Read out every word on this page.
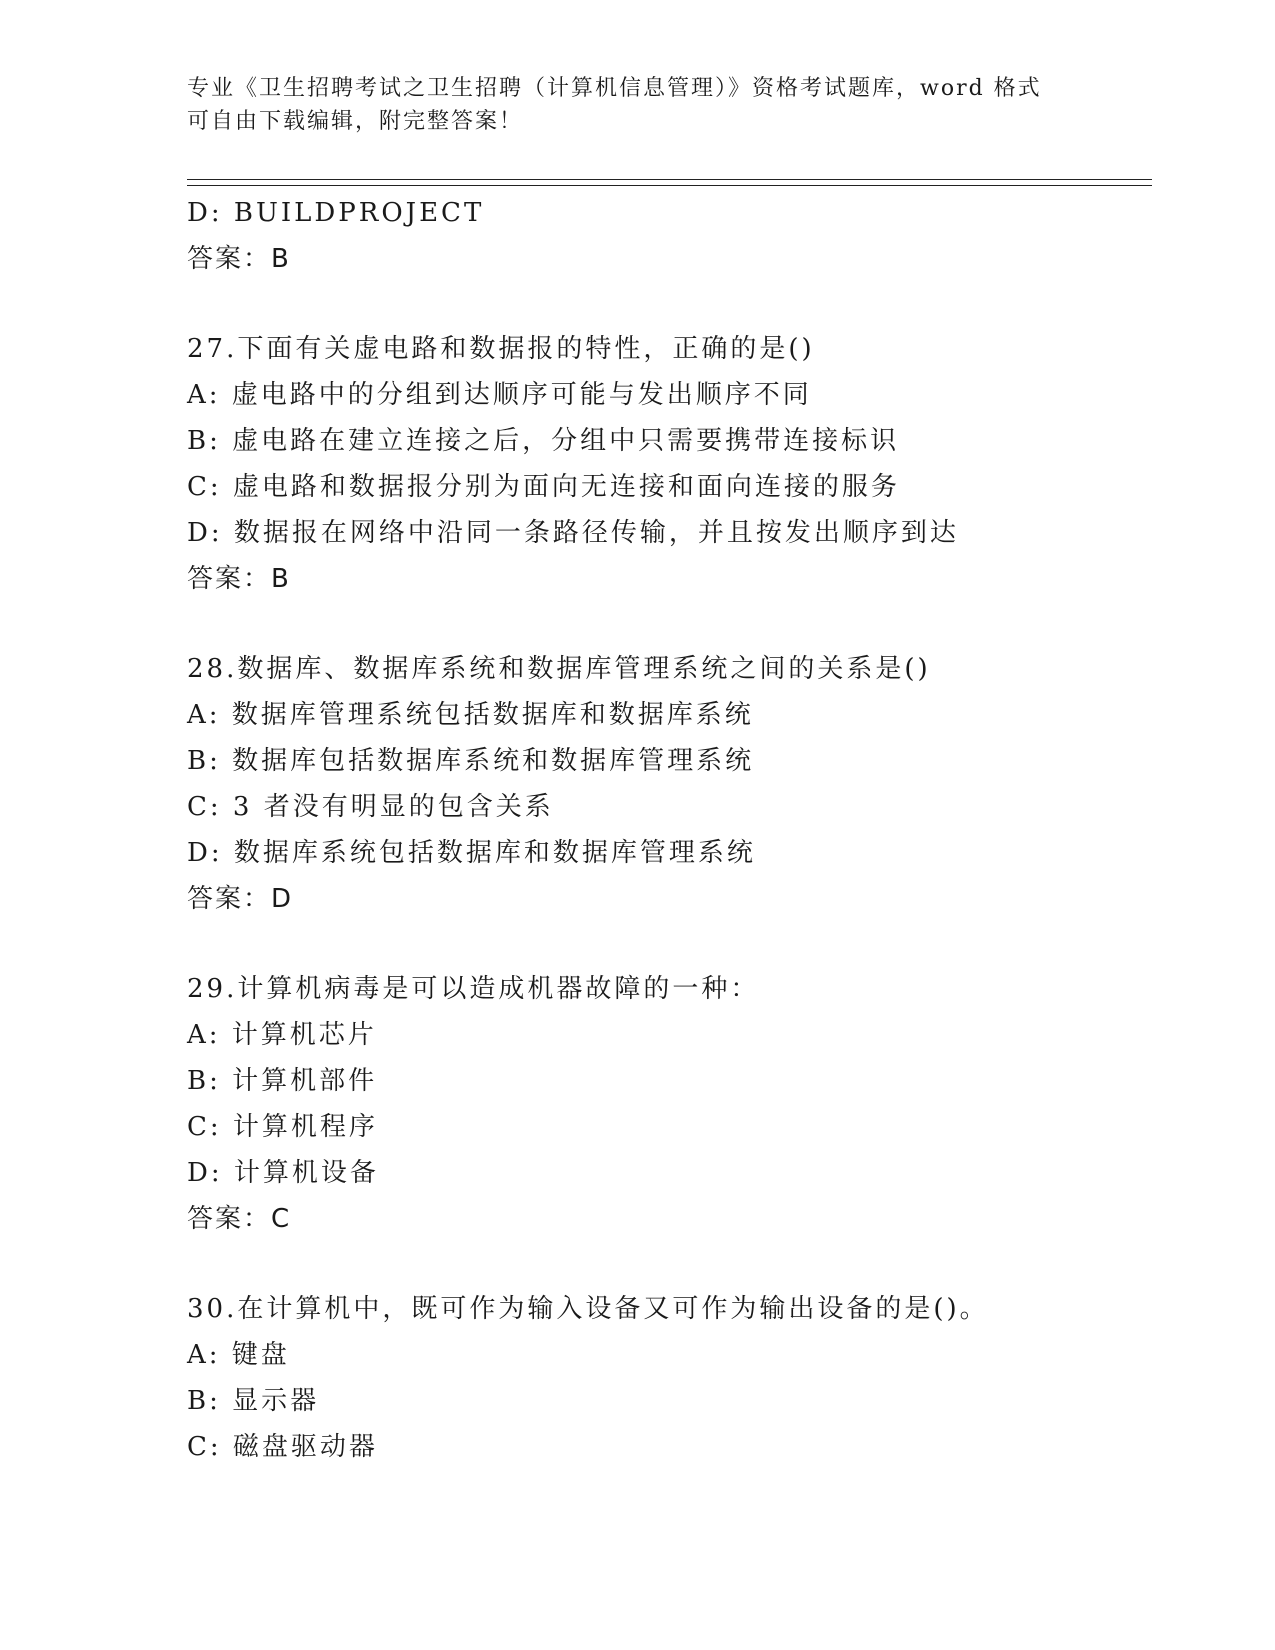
专业《卫生招聘考试之卫生招聘（计算机信息管理）》资格考试题库，word 格式
可自由下载编辑，附完整答案！
D: BUILDPROJECT
答案：B
27.下面有关虚电路和数据报的特性，正确的是()
A: 虚电路中的分组到达顺序可能与发出顺序不同
B: 虚电路在建立连接之后，分组中只需要携带连接标识
C: 虚电路和数据报分别为面向无连接和面向连接的服务
D: 数据报在网络中沿同一条路径传输，并且按发出顺序到达
答案：B
28.数据库、数据库系统和数据库管理系统之间的关系是()
A: 数据库管理系统包括数据库和数据库系统
B: 数据库包括数据库系统和数据库管理系统
C: 3 者没有明显的包含关系
D: 数据库系统包括数据库和数据库管理系统
答案：D
29.计算机病毒是可以造成机器故障的一种：
A: 计算机芯片
B: 计算机部件
C: 计算机程序
D: 计算机设备
答案：C
30.在计算机中，既可作为输入设备又可作为输出设备的是()。
A: 键盘
B: 显示器
C: 磁盘驱动器
